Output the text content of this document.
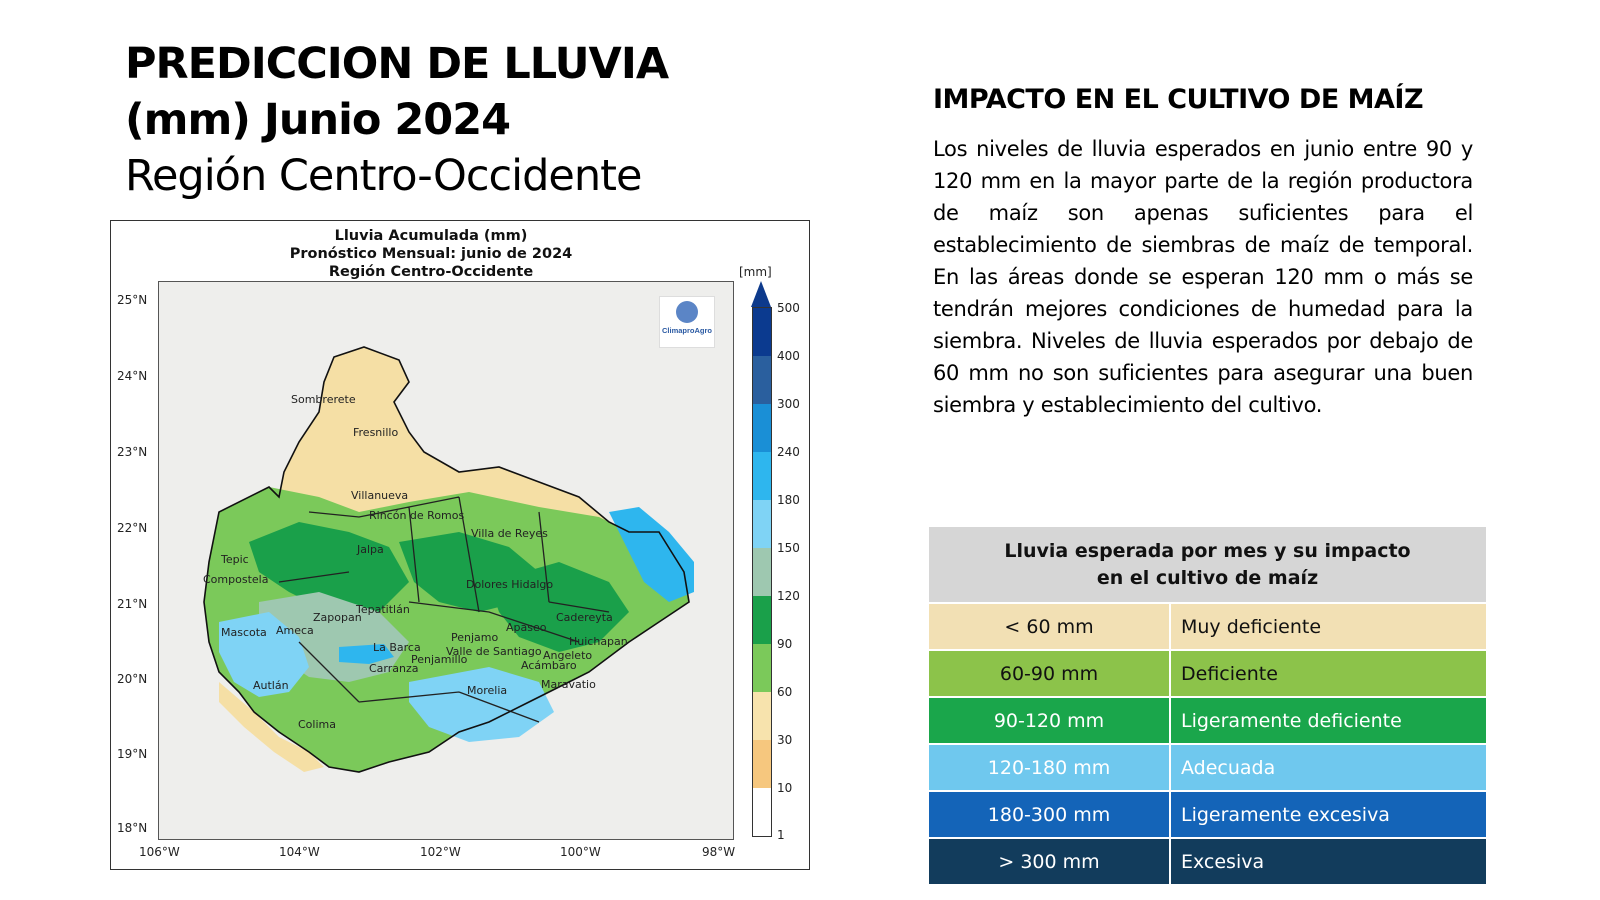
PREDICCION DE LLUVIA
(mm) Junio 2024
Región Centro-Occidente
Lluvia Acumulada (mm)
Pronóstico Mensual: junio de 2024
Región Centro-Occidente
25°N
24°N
23°N
22°N
21°N
20°N
19°N
18°N
106°W	104°W	102°W	100°W	98°W
Sombrerete
Fresnillo
Villanueva
Rincón de Romos
Villa de Reyes
Jalpa
Tepic
Compostela	Dolores Hidalgo
Tepatitlán
Zapopan
Ameca
Mascota
Cadereyta
Penjamo
Valle de Santiago
Apaseo
Huichapan
La Barca
Penjamillo
Carranza	Acámbaro
Angeleto
Autlán	Morelia	Maravatio
Colima
ClimaproAgro
[mm]
500
400
300
240
180
150
120
90
60
30
10
1
IMPACTO EN EL CULTIVO DE MAÍZ
Los niveles de lluvia esperados en junio entre 90 y 120 mm en la mayor parte de la región productora de maíz son apenas suficientes para el establecimiento de siembras de maíz de temporal. En las áreas donde se esperan 120 mm o más se tendrán mejores condiciones de humedad para la siembra. Niveles de lluvia esperados por debajo de 60 mm no son suficientes para asegurar una buen siembra y establecimiento del cultivo.
Lluvia esperada por mes y su impacto
en el cultivo de maíz
< 60 mm	Muy deficiente
60-90 mm	Deficiente
90-120 mm	Ligeramente deficiente
120-180 mm	Adecuada
180-300 mm	Ligeramente excesiva
> 300 mm	Excesiva
